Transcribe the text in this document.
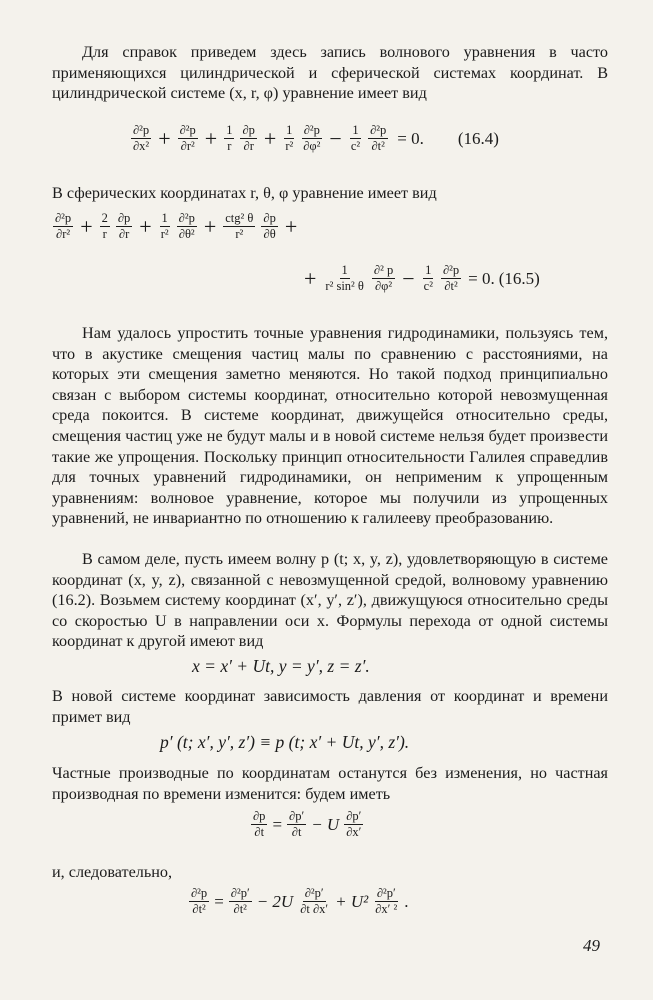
Для справок приведем здесь запись волнового уравнения в часто применяющихся цилиндрической и сферической системах координат. В цилиндрической системе (x, r, φ) уравнение имеет вид

∂²p
$\partial x^2 + \frac{\text{∂²p}}{\text{∂r²}} + \frac{1}{r} \partial p$
$\partial r + \frac{1}{\text{r²}} \partial^2p$
$\partial\varphi^2 - \frac{1}{\text{c²}} \frac{\text{∂²p}}{\text{∂t²}} = 0$. (16.4)

В сферических координатах r, θ, φ уравнение имеет вид

∂²p
$\partial r^2 + \frac{2}{r} \partial p$
$\partial r + \frac{1}{\text{r²}} \partial^2p$
∂θ² + ctg² θ
r²
∂p
∂θ +
+ $\frac{1}{\text{r² sin² θ}} \partial^2$ p
$\partial\varphi^2 - \frac{1}{\text{c²}} \frac{\text{∂²p}}{\text{∂t²}} = 0$. (16.5)

Нам удалось упростить точные уравнения гидродинамики, пользуясь тем, что в акустике смещения частиц малы по сравнению с расстояниями, на которых эти смещения заметно меняются. Но такой подход принципиально связан с выбором системы координат, относительно которой невозмущенная среда покоится. В системе координат, движущейся относительно среды, смещения частиц уже не будут малы и в новой системе нельзя будет произвести такие же упрощения. Поскольку принцип относительности Галилея справедлив для точных уравнений гидродинамики, он неприменим к упрощенным уравнениям: волновое уравнение, которое мы получили из упрощенных уравнений, не инвариантно по отношению к галилееву преобразованию.

В самом деле, пусть имеем волну p (t; x, y, z), удовлетворяющую в системе координат (x, y, z), связанной с невозмущенной средой, волновому уравнению (16.2). Возьмем систему координат (x′, y′, z′), движущуюся относительно среды со скоростью U в направлении оси x. Формулы перехода от одной системы координат к другой имеют вид

x = x′ + Ut, y = y′, z = z′.

В новой системе координат зависимость давления от координат и времени примет вид

p′ (t; x′, y′, z′) ≡ p (t; x′ + Ut, y′, z′).

Частные производные по координатам останутся без изменения, но частная производная по времени изменится: будем иметь

$\frac{\partial p}{\partial t} = \frac{\partial p'}{\partial t} - U$ ∂p′
∂x′

и, следовательно,

$\frac{\text{∂²p}}{\text{∂t²}} = \frac{\text{∂²p′}}{\text{∂t²}} - 2U$ ∂²p′
∂t ∂x′ + U² ∂²p′
∂x′ ² .
49
